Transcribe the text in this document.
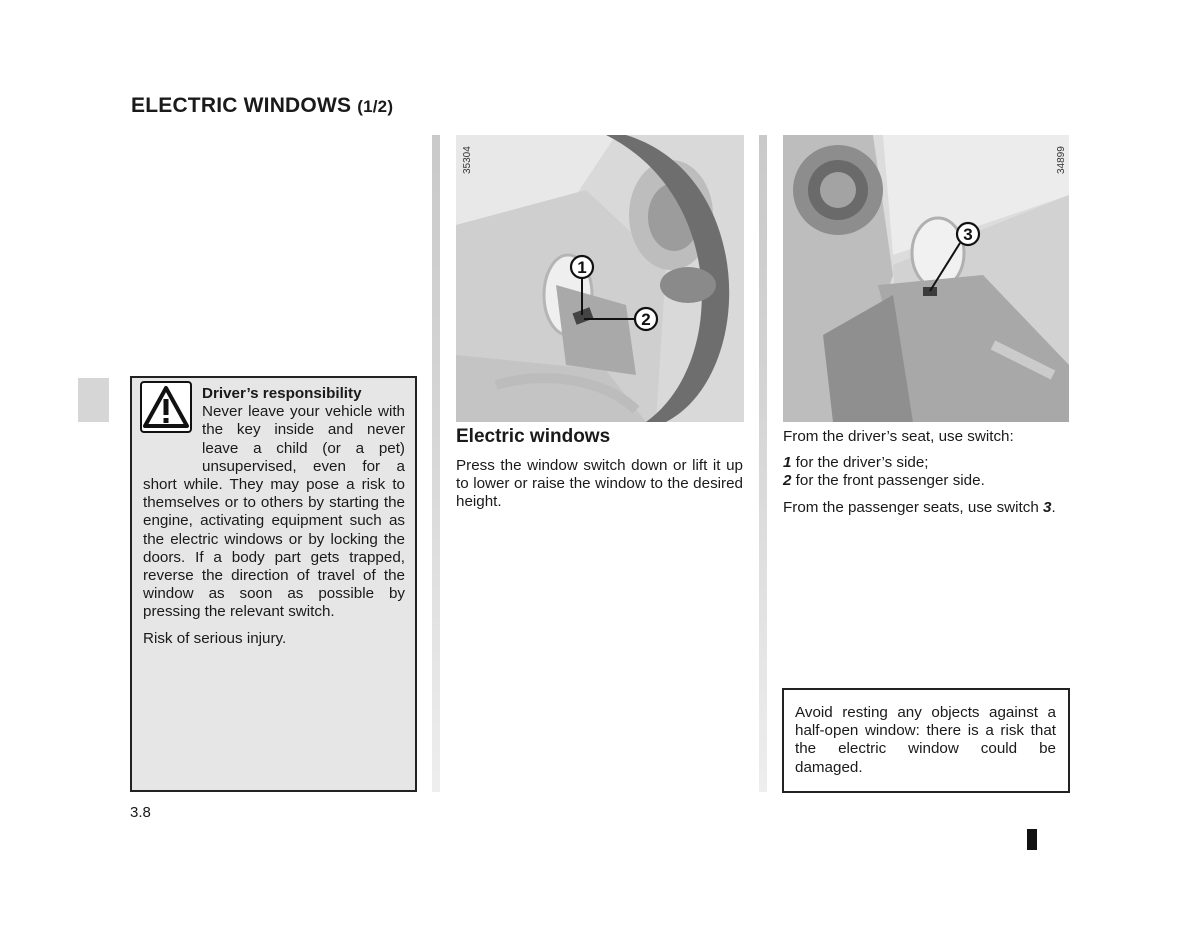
ELECTRIC WINDOWS (1/2)

Driver’s responsibility
Never leave your vehicle with the key inside and never leave a child (or a pet) unsupervised, even for a short while. They may pose a risk to themselves or to others by starting the engine, activating equipment such as the electric windows or by locking the doors. If a body part gets trapped, reverse the direction of travel of the window as soon as possible by pressing the relevant switch.

Risk of serious injury.

35304
1
2
34899
3
Electric windows
Press the window switch down or lift it up to lower or raise the window to the desired height.

From the driver’s seat, use switch:

1 for the driver’s side;
2 for the front passenger side.

From the passenger seats, use switch 3.

Avoid resting any objects against a half-open window: there is a risk that the electric window could be damaged.
3.8
